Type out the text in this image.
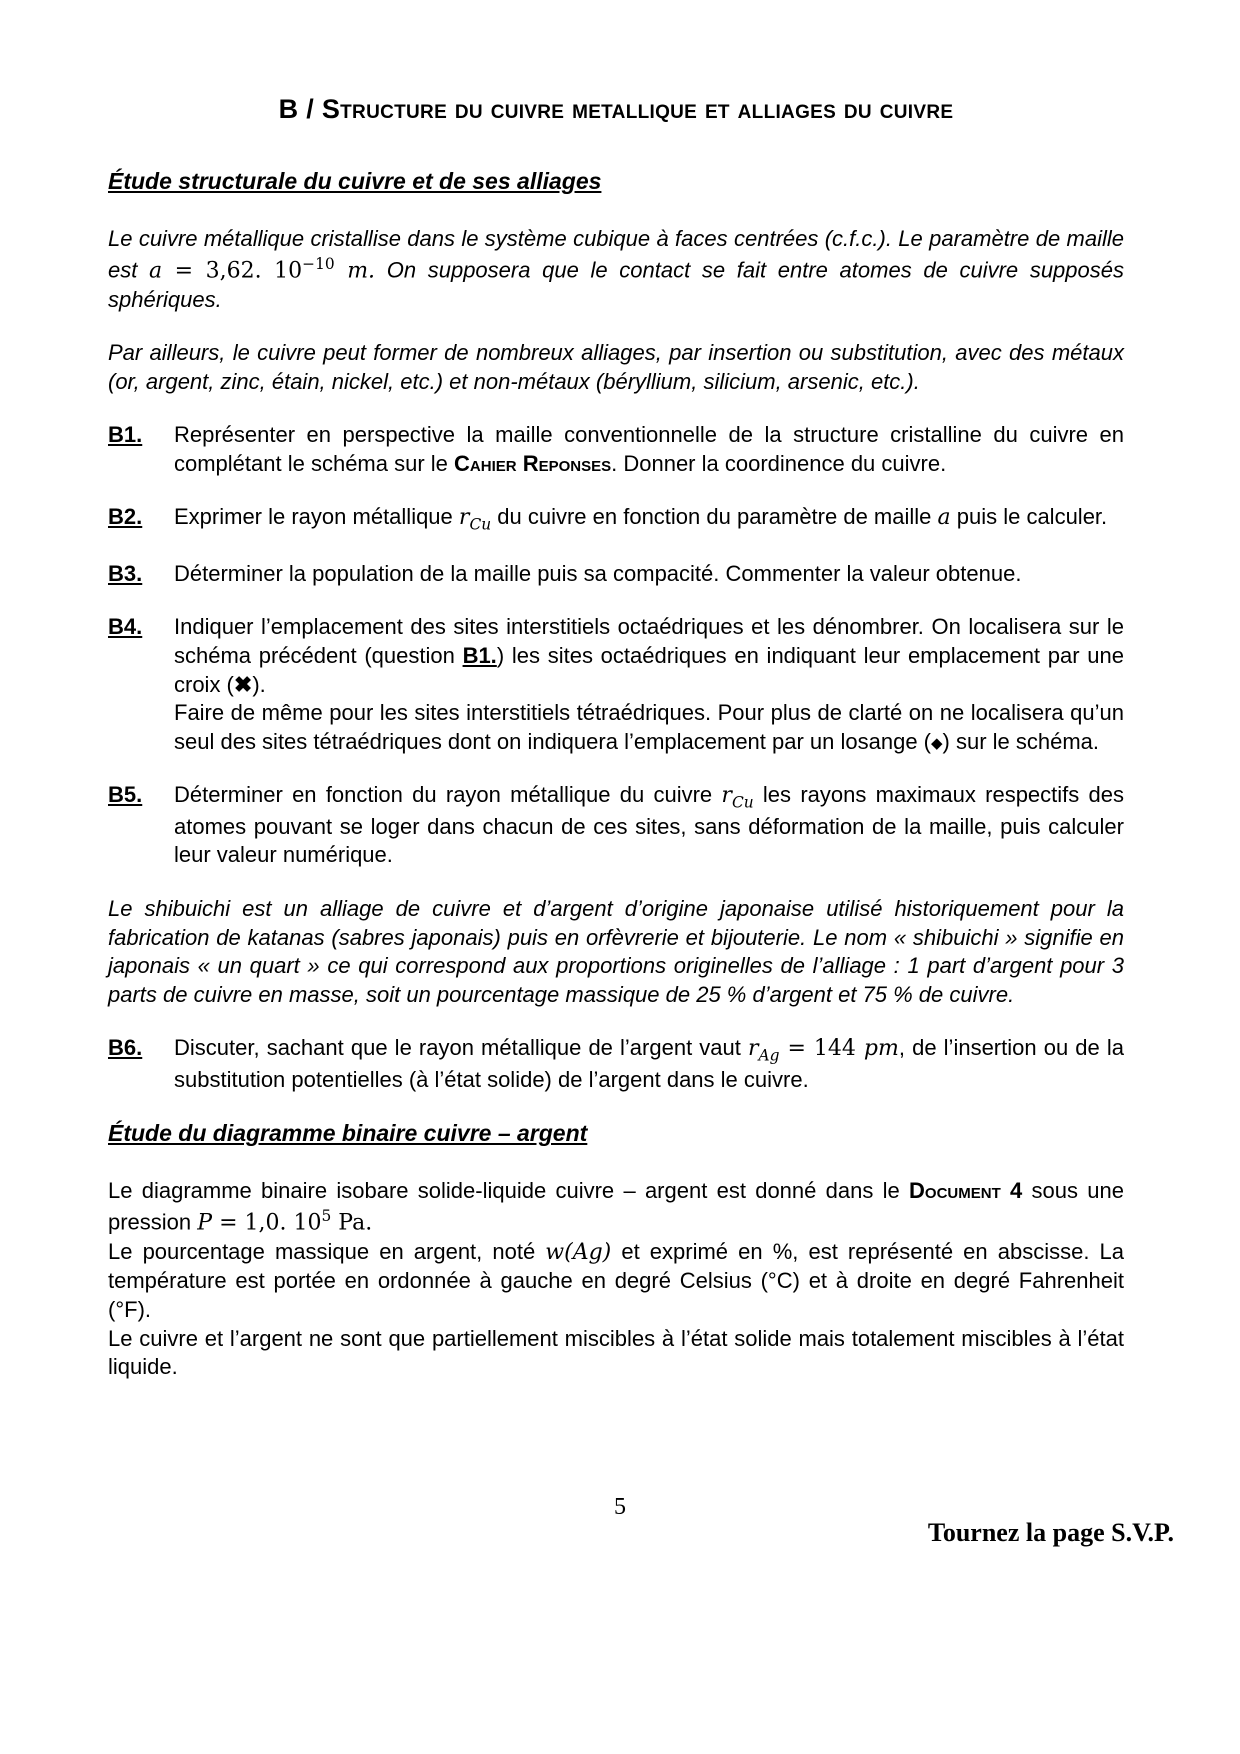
B / Structure du cuivre metallique et alliages du cuivre
Étude structurale du cuivre et de ses alliages

Le cuivre métallique cristallise dans le système cubique à faces centrées (c.f.c.). Le paramètre de maille est a = 3,62. $10^{-10}$ m. On supposera que le contact se fait entre atomes de cuivre supposés sphériques.

Par ailleurs, le cuivre peut former de nombreux alliages, par insertion ou substitution, avec des métaux (or, argent, zinc, étain, nickel, etc.) et non-métaux (béryllium, silicium, arsenic, etc.).

B1.	Représenter en perspective la maille conventionnelle de la structure cristalline du cuivre en complétant le schéma sur le Cahier Reponses. Donner la coordinence du cuivre.

B2.	Exprimer le rayon métallique $r_{Cu}$ du cuivre en fonction du paramètre de maille a puis le calculer.

B3.	Déterminer la population de la maille puis sa compacité. Commenter la valeur obtenue.

B4.	Indiquer l’emplacement des sites interstitiels octaédriques et les dénombrer. On localisera sur le schéma précédent (question B1.) les sites octaédriques en indiquant leur emplacement par une croix (✖).

Faire de même pour les sites interstitiels tétraédriques. Pour plus de clarté on ne localisera qu’un seul des sites tétraédriques dont on indiquera l’emplacement par un losange (◆) sur le schéma.

B5.	Déterminer en fonction du rayon métallique du cuivre $r_{Cu}$ les rayons maximaux respectifs des atomes pouvant se loger dans chacun de ces sites, sans déformation de la maille, puis calculer leur valeur numérique.

Le shibuichi est un alliage de cuivre et d’argent d’origine japonaise utilisé historiquement pour la fabrication de katanas (sabres japonais) puis en orfèvrerie et bijouterie. Le nom « shibuichi » signifie en japonais « un quart » ce qui correspond aux proportions originelles de l’alliage : 1 part d’argent pour 3 parts de cuivre en masse, soit un pourcentage massique de 25 % d’argent et 75 % de cuivre.

B6.	Discuter, sachant que le rayon métallique de l’argent vaut $r_{Ag} = 144$ pm, de l’insertion ou de la substitution potentielles (à l’état solide) de l’argent dans le cuivre.

Étude du diagramme binaire cuivre – argent

Le diagramme binaire isobare solide-liquide cuivre – argent est donné dans le Document 4 sous une pression P = 1,0. $10^5$ Pa.

Le pourcentage massique en argent, noté w(Ag) et exprimé en %, est représenté en abscisse. La température est portée en ordonnée à gauche en degré Celsius (°C) et à droite en degré Fahrenheit (°F).

Le cuivre et l’argent ne sont que partiellement miscibles à l’état solide mais totalement miscibles à l’état liquide.

5
Tournez la page S.V.P.
